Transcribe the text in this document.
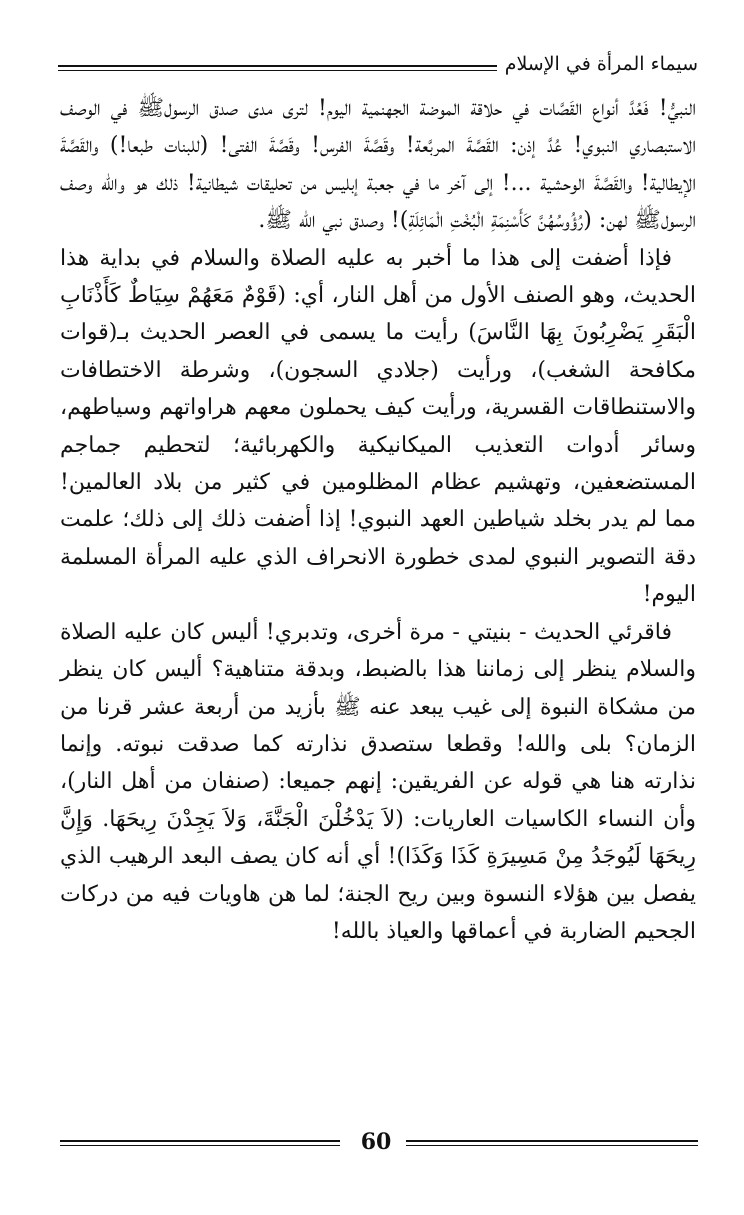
سيماء المرأة في الإسلام

النبيُّ! فَعُدَّ أنواع القَصَّات في حلاقة الموضة الجهنمية اليوم! لترى مدى صدق الرسولﷺ في الوصف الاستبصاري النبوي! عُدَّ إذن: القَصَّةَ المربَّعة! وقَصَّةَ الفرس! وقَصَّةَ الفتى! (للبنات طبعا!) والقَصَّةَ الإيطالية! والقَصَّةَ الوحشية ...! إلى آخر ما في جعبة إبليس من تحليقات شيطانية! ذلك هو والله وصف الرسولﷺ لهن: (رُؤُوسُهُنَّ كَأَسْنِمَةِ الْبُخْتِ الْمَائِلَةِ)! وصدق نبي الله ﷺ.

فإذا أضفت إلى هذا ما أخبر به عليه الصلاة والسلام في بداية هذا الحديث، وهو الصنف الأول من أهل النار، أي: (قَوْمٌ مَعَهُمْ سِيَاطٌ كَأَذْنَابِ الْبَقَرِ يَضْرِبُونَ بِهَا النَّاسَ) رأيت ما يسمى في العصر الحديث بـ(قوات مكافحة الشغب)، ورأيت (جلادي السجون)، وشرطة الاختطافات والاستنطاقات القسرية، ورأيت كيف يحملون معهم هراواتهم وسياطهم، وسائر أدوات التعذيب الميكانيكية والكهربائية؛ لتحطيم جماجم المستضعفين، وتهشيم عظام المظلومين في كثير من بلاد العالمين! مما لم يدر بخلد شياطين العهد النبوي! إذا أضفت ذلك إلى ذلك؛ علمت دقة التصوير النبوي لمدى خطورة الانحراف الذي عليه المرأة المسلمة اليوم!

فاقرئي الحديث - بنيتي - مرة أخرى، وتدبري! أليس كان عليه الصلاة والسلام ينظر إلى زماننا هذا بالضبط، وبدقة متناهية؟ أليس كان ينظر من مشكاة النبوة إلى غيب يبعد عنه ﷺ بأزيد من أربعة عشر قرنا من الزمان؟ بلى والله! وقطعا ستصدق نذارته كما صدقت نبوته. وإنما نذارته هنا هي قوله عن الفريقين: إنهم جميعا: (صنفان من أهل النار)، وأن النساء الكاسيات العاريات: (لاَ يَدْخُلْنَ الْجَنَّةَ، وَلاَ يَجِدْنَ رِيحَهَا. وَإِنَّ رِيحَهَا لَيُوجَدُ مِنْ مَسِيرَةِ كَذَا وَكَذَا)! أي أنه كان يصف البعد الرهيب الذي يفصل بين هؤلاء النسوة وبين ريح الجنة؛ لما هن هاويات فيه من دركات الجحيم الضاربة في أعماقها والعياذ بالله!

60
